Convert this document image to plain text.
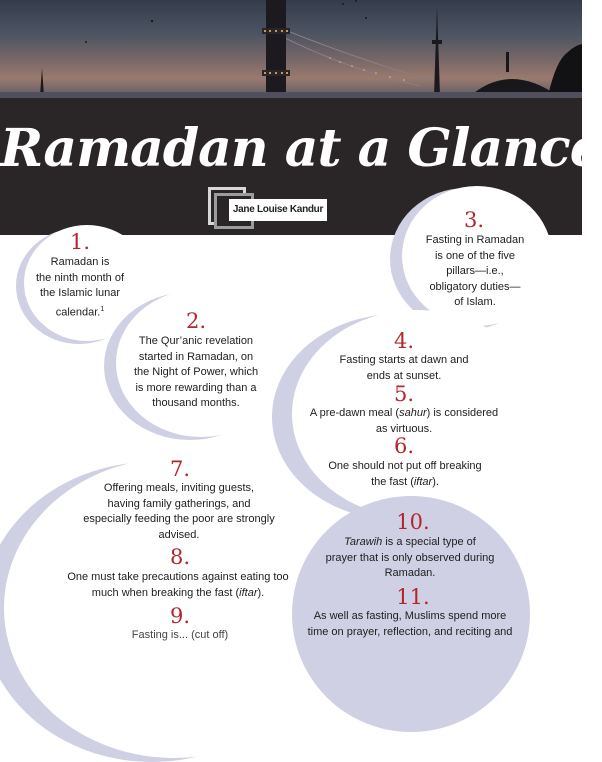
Ramadan at a Glance
Jane Louise Kandur
1.
Ramadan is
the ninth month of
the Islamic lunar
calendar.$^1$	2.
The Qur’anic revelation
started in Ramadan, on
the Night of Power, which
is more rewarding than a
thousand months.
3.
Fasting in Ramadan
is one of the five
pillars—i.e.,
obligatory duties—
of Islam.
4.
Fasting starts at dawn and
ends at sunset.
5.
A pre-dawn meal (sahur) is considered
as virtuous.
6.
One should not put off breaking
the fast (iftar).
7.
Offering meals, inviting guests,
having family gatherings, and
especially feeding the poor are strongly
advised.
8.
One must take precautions against eating too
much when breaking the fast (iftar).
9.
Fasting is... (cut off)
10.
Tarawih is a special type of
prayer that is only observed during
Ramadan.
11.
As well as fasting, Muslims spend more
time on prayer, reflection, and reciting and
